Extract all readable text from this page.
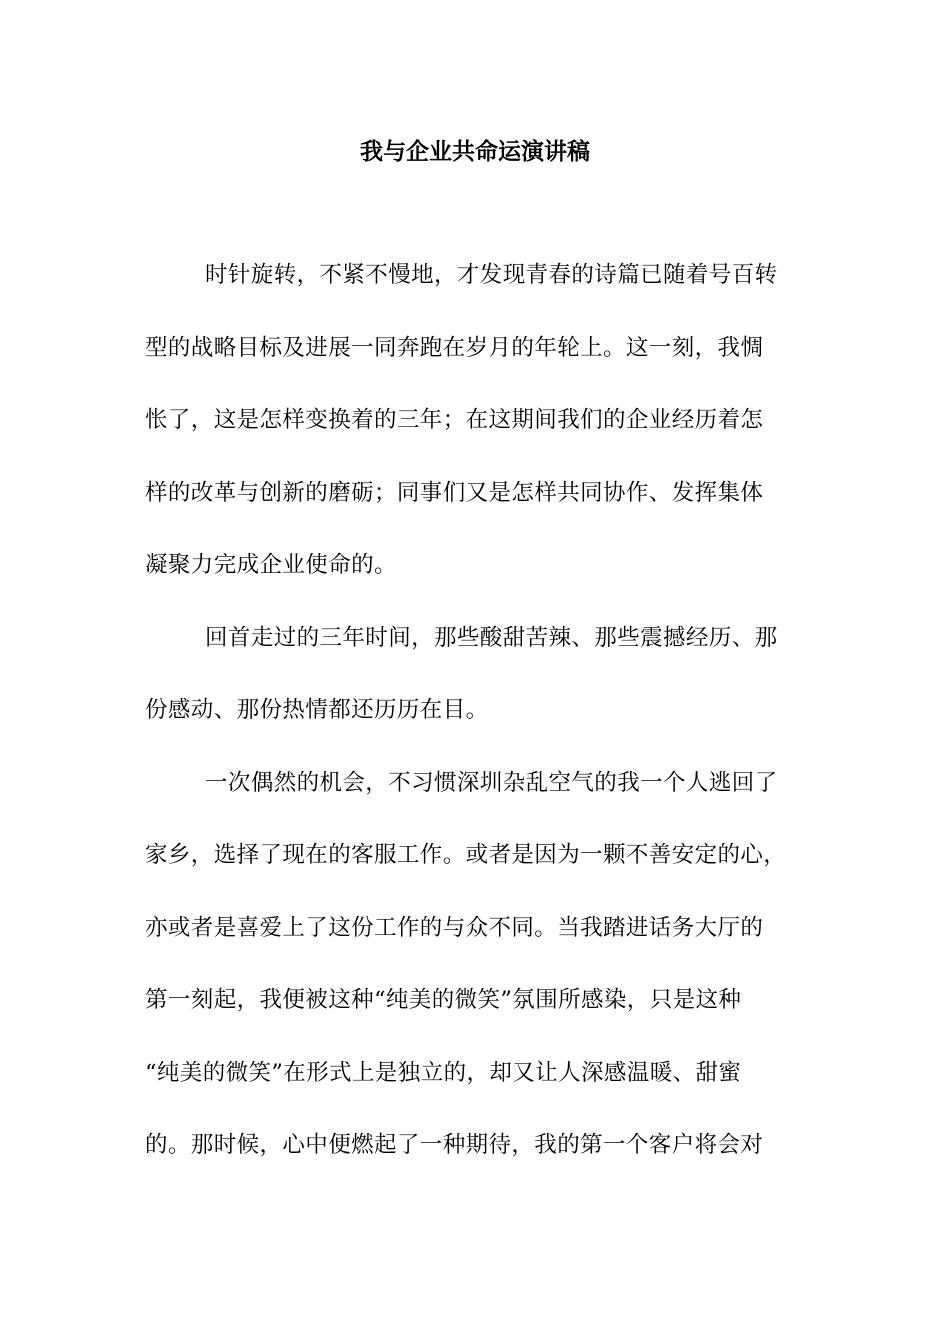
我与企业共命运演讲稿
时针旋转，不紧不慢地，才发现青春的诗篇已随着号百转
型的战略目标及进展一同奔跑在岁月的年轮上。这一刻，我惆
怅了，这是怎样变换着的三年；在这期间我们的企业经历着怎
样的改革与创新的磨砺；同事们又是怎样共同协作、发挥集体
凝聚力完成企业使命的。
回首走过的三年时间，那些酸甜苦辣、那些震撼经历、那
份感动、那份热情都还历历在目。
一次偶然的机会，不习惯深圳杂乱空气的我一个人逃回了
家乡，选择了现在的客服工作。或者是因为一颗不善安定的心，
亦或者是喜爱上了这份工作的与众不同。当我踏进话务大厅的
第一刻起，我便被这种“纯美的微笑”氛围所感染，只是这种
“纯美的微笑”在形式上是独立的，却又让人深感温暖、甜蜜
的。那时候，心中便燃起了一种期待，我的第一个客户将会对
